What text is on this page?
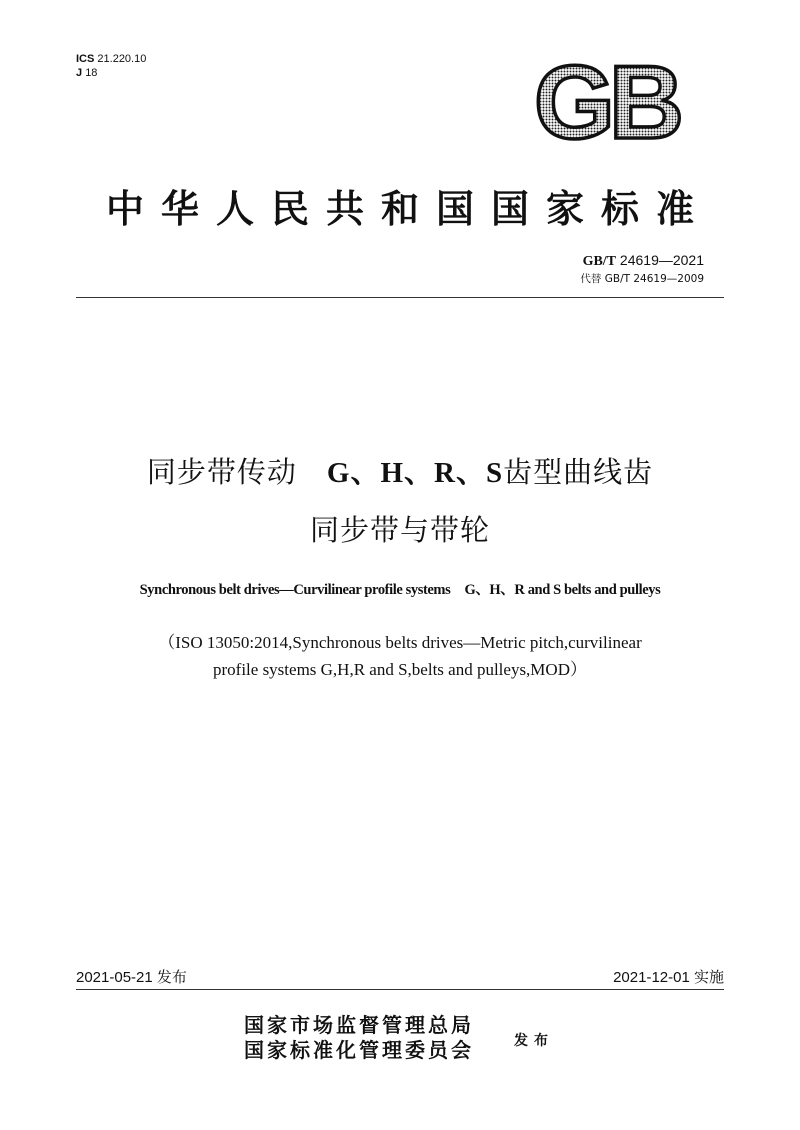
ICS 21.220.10
J 18	GB
中华人民共和国国家标准
GB/T 24619—2021
代替 GB/T 24619—2009
同步带传动　G、H、R、S齿型曲线齿
同步带与带轮
Synchronous belt drives—Curvilinear profile systems　G、H、R and S belts and pulleys
（ISO 13050:2014,Synchronous belts drives—Metric pitch,curvilinear
profile systems G,H,R and S,belts and pulleys,MOD）
2021-05-21 发布	2021-12-01 实施
国家市场监督管理总局
国家标准化管理委员会	发布
